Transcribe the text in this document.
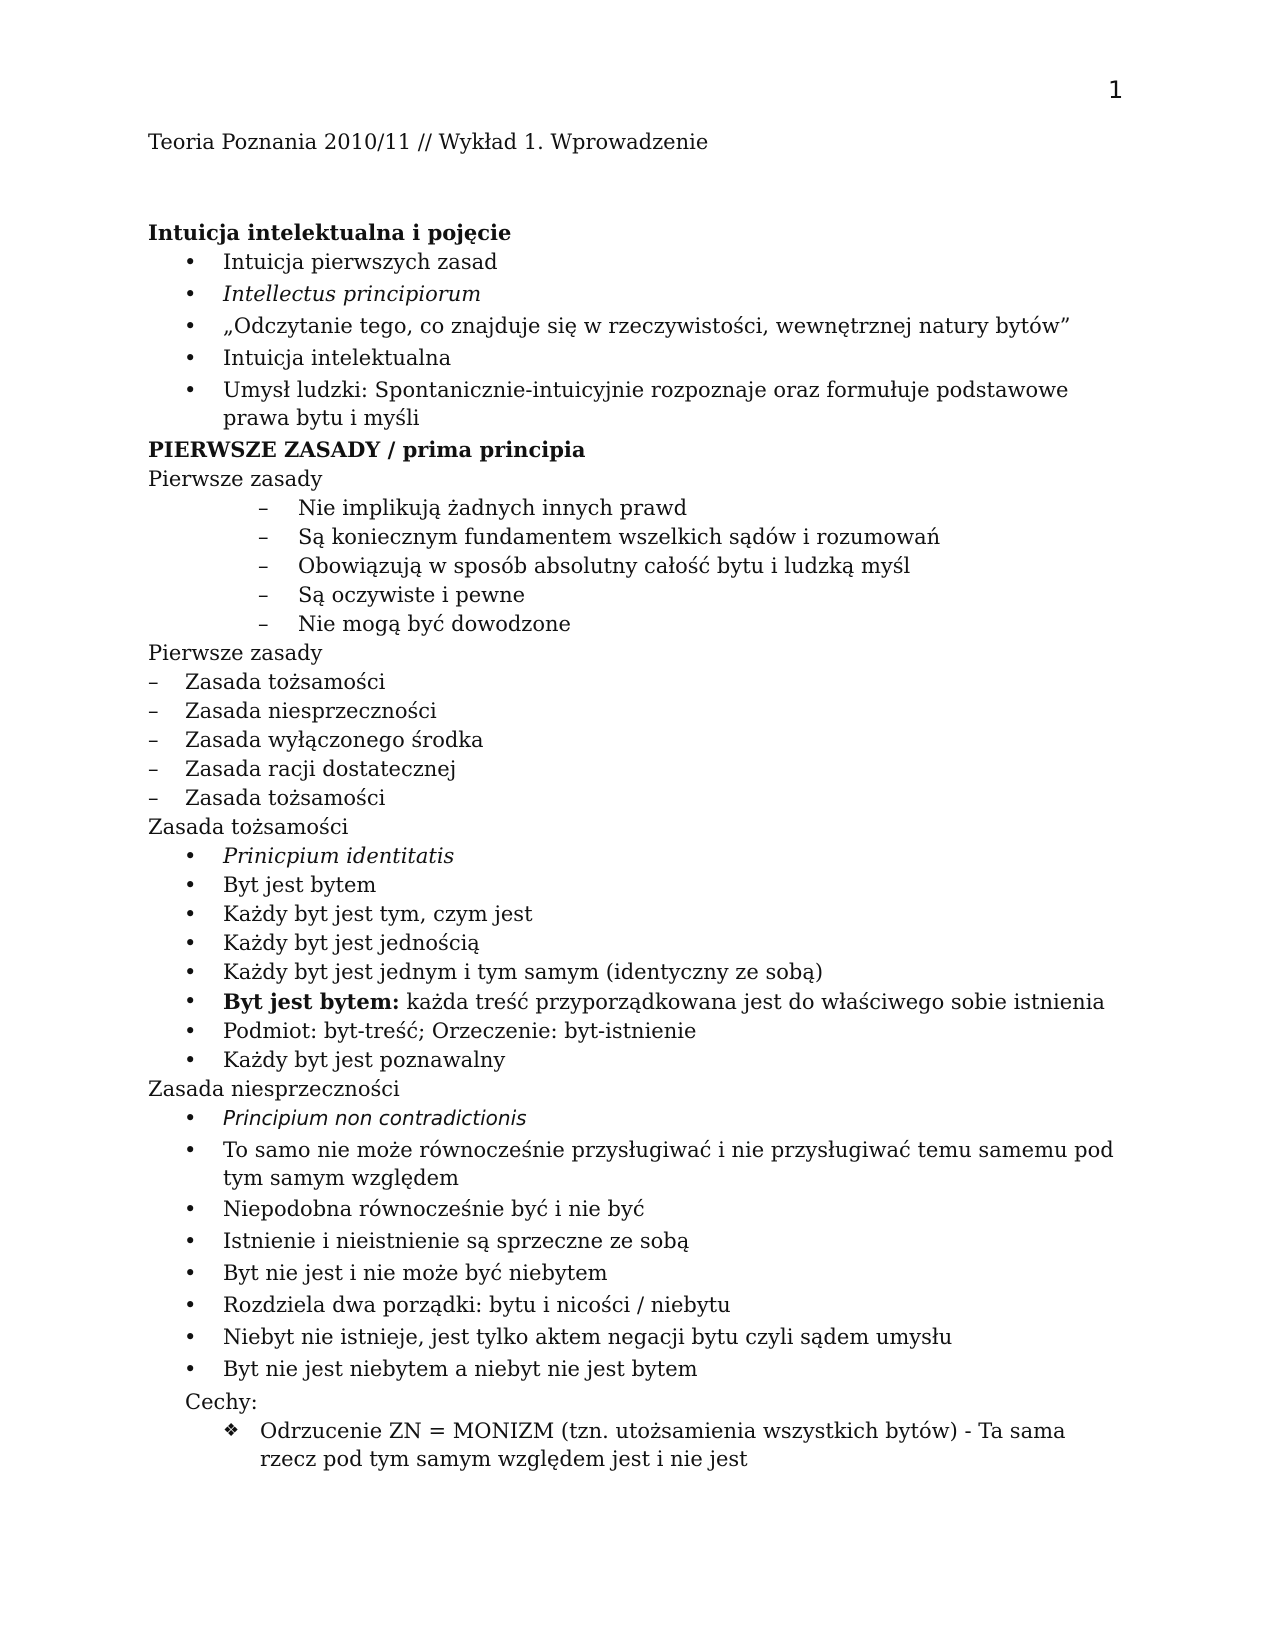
1
Teoria Poznania 2010/11 // Wykład 1. Wprowadzenie
Intuicja intelektualna i pojęcie
• Intuicja pierwszych zasad
• Intellectus principiorum
• „Odczytanie tego, co znajduje się w rzeczywistości, wewnętrznej natury bytów”
• Intuicja intelektualna
• Umysł ludzki: Spontanicznie-intuicyjnie rozpoznaje oraz formułuje podstawowe prawa bytu i myśli
PIERWSZE ZASADY / prima principia
Pierwsze zasady
– Nie implikują żadnych innych prawd
– Są koniecznym fundamentem wszelkich sądów i rozumowań
– Obowiązują w sposób absolutny całość bytu i ludzką myśl
– Są oczywiste i pewne
– Nie mogą być dowodzone
Pierwsze zasady
– Zasada tożsamości
– Zasada niesprzeczności
– Zasada wyłączonego środka
– Zasada racji dostatecznej
– Zasada tożsamości
Zasada tożsamości
• Prinicpium identitatis
• Byt jest bytem
• Każdy byt jest tym, czym jest
• Każdy byt jest jednością
• Każdy byt jest jednym i tym samym (identyczny ze sobą)
• Byt jest bytem: każda treść przyporządkowana jest do właściwego sobie istnienia
• Podmiot: byt-treść; Orzeczenie: byt-istnienie
• Każdy byt jest poznawalny
Zasada niesprzeczności
• Principium non contradictionis
• To samo nie może równocześnie przysługiwać i nie przysługiwać temu samemu pod tym samym względem
• Niepodobna równocześnie być i nie być
• Istnienie i nieistnienie są sprzeczne ze sobą
• Byt nie jest i nie może być niebytem
• Rozdziela dwa porządki: bytu i nicości / niebytu
• Niebyt nie istnieje, jest tylko aktem negacji bytu czyli sądem umysłu
• Byt nie jest niebytem a niebyt nie jest bytem
Cechy:
❖ Odrzucenie ZN = MONIZM (tzn. utożsamienia wszystkich bytów) - Ta sama rzecz pod tym samym względem jest i nie jest
